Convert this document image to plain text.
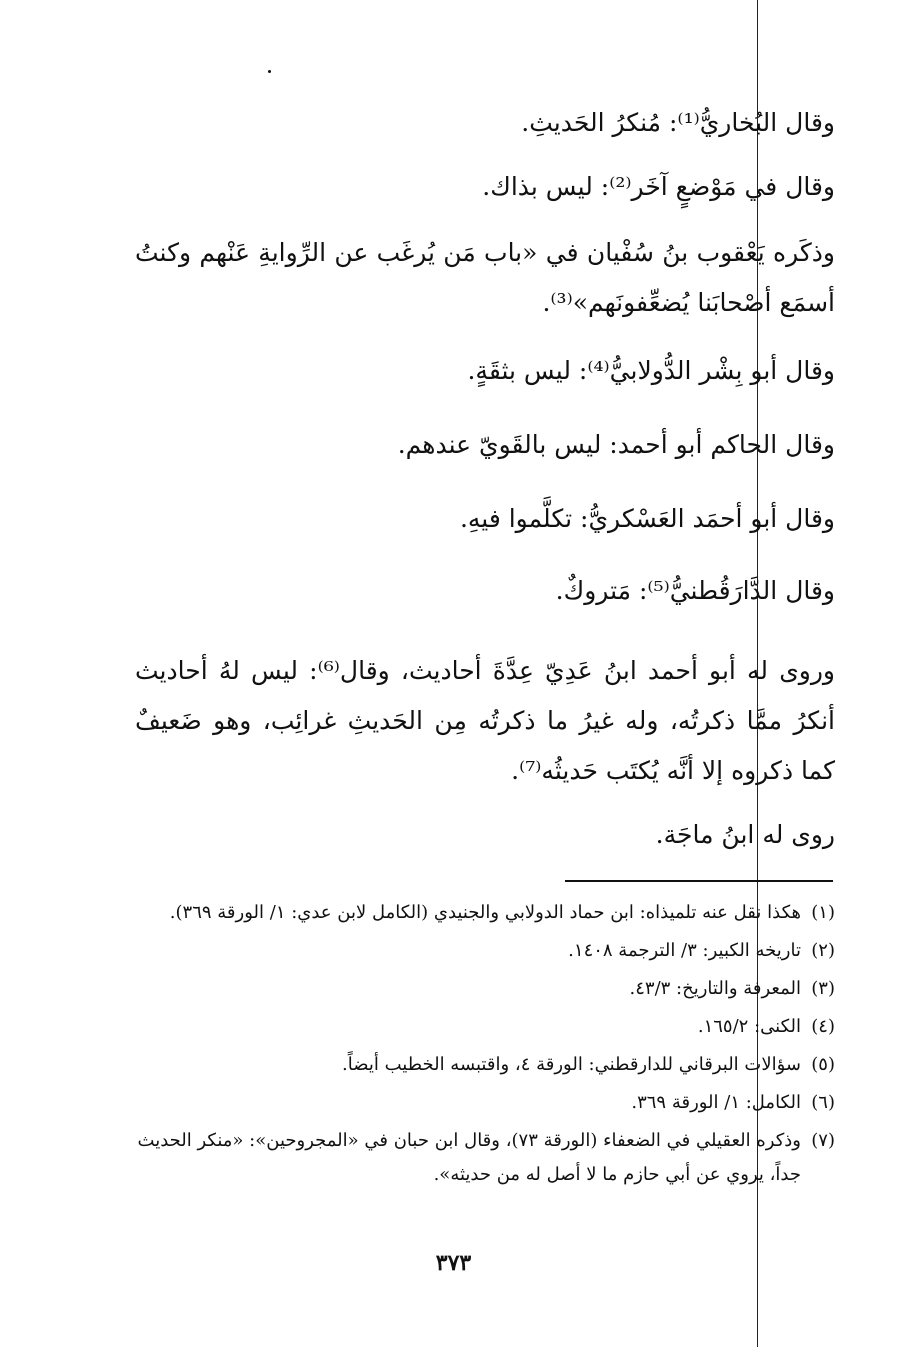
وقال البُخاريُّ⁽¹⁾: مُنكرُ الحَديثِ.

وقال في مَوْضعٍ آخَر⁽²⁾: ليس بذاك.

وذكَره يَعْقوب بنُ سُفْيان في «باب مَن يُرغَب عن الرِّوايةِ عَنْهم وكنتُ أسمَع أصْحابَنا يُضعِّفونَهم»⁽³⁾.

وقال أبو بِشْر الدُّولابيُّ⁽⁴⁾: ليس بثقَةٍ.

وقال الحاكم أبو أحمد: ليس بالقَويّ عندهم.

وقال أبو أحمَد العَسْكريُّ: تكلَّموا فيهِ.

وقال الدَّارَقُطنيُّ⁽⁵⁾: مَتروكٌ.

وروى له أبو أحمد ابنُ عَدِيّ عِدَّةَ أحاديث، وقال⁽⁶⁾: ليس لهُ أحاديث أنكرُ ممَّا ذكرتُه، وله غيرُ ما ذكرتُه مِن الحَديثِ غرائِب، وهو ضَعيفٌ كما ذكروه إلا أنَّه يُكتَب حَديثُه⁽⁷⁾.

روى له ابنُ ماجَة.

(١)
هكذا نقل عنه تلميذاه: ابن حماد الدولابي والجنيدي (الكامل لابن عدي: ١/ الورقة ٣٦٩).
(٢)
تاريخه الكبير: ٣/ الترجمة ١٤٠٨.
(٣)
المعرفة والتاريخ: ٤٣/٣.
(٤)
الكنى: ١٦٥/٢.
(٥)
سؤالات البرقاني للدارقطني: الورقة ٤، واقتبسه الخطيب أيضاً.
(٦)
الكامل: ١/ الورقة ٣٦٩.
(٧)
وذكره العقيلي في الضعفاء (الورقة ٧٣)، وقال ابن حبان في «المجروحين»: «منكر الحديث جداً، يروي عن أبي حازم ما لا أصل له من حديثه».
٣٧٣
